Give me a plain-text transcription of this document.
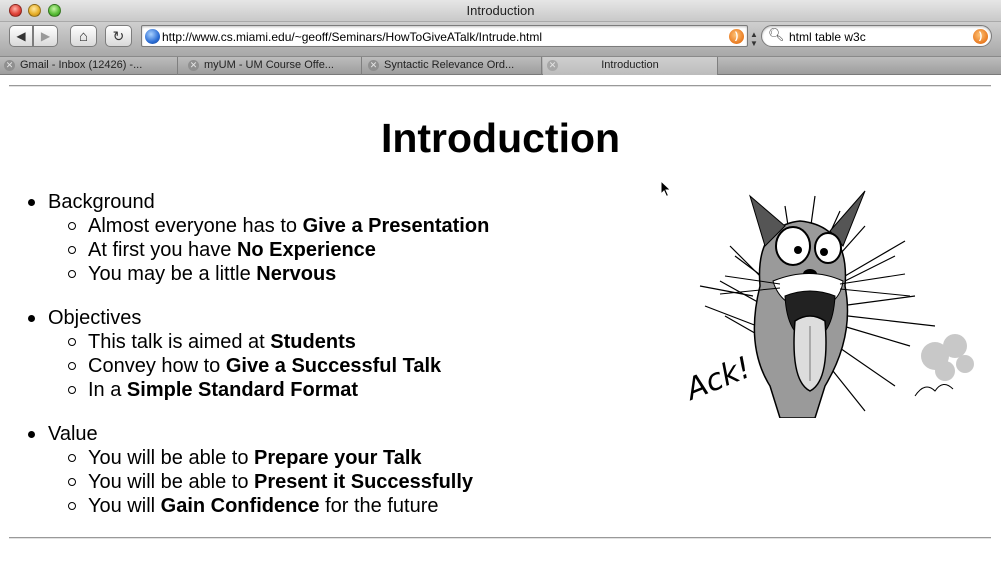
Introduction
◀ ▶ ⌂ ↻	http://www.cs.miami.edu/~geoff/Seminars/HowToGiveATalk/Intrude.html	)	▲
▼
🔍︎ html table w3c	)
✕ Gmail - Inbox (12426) -...	✕ myUM - UM Course Offe...	✕ Syntactic Relevance Ord...	✕	Introduction
Introduction
Background
Almost everyone has to Give a Presentation
At first you have No Experience
You may be a little Nervous
Objectives
This talk is aimed at Students
Convey how to Give a Successful Talk
In a Simple Standard Format
Value
You will be able to Prepare your Talk
You will be able to Present it Successfully
You will Gain Confidence for the future
Ack!
